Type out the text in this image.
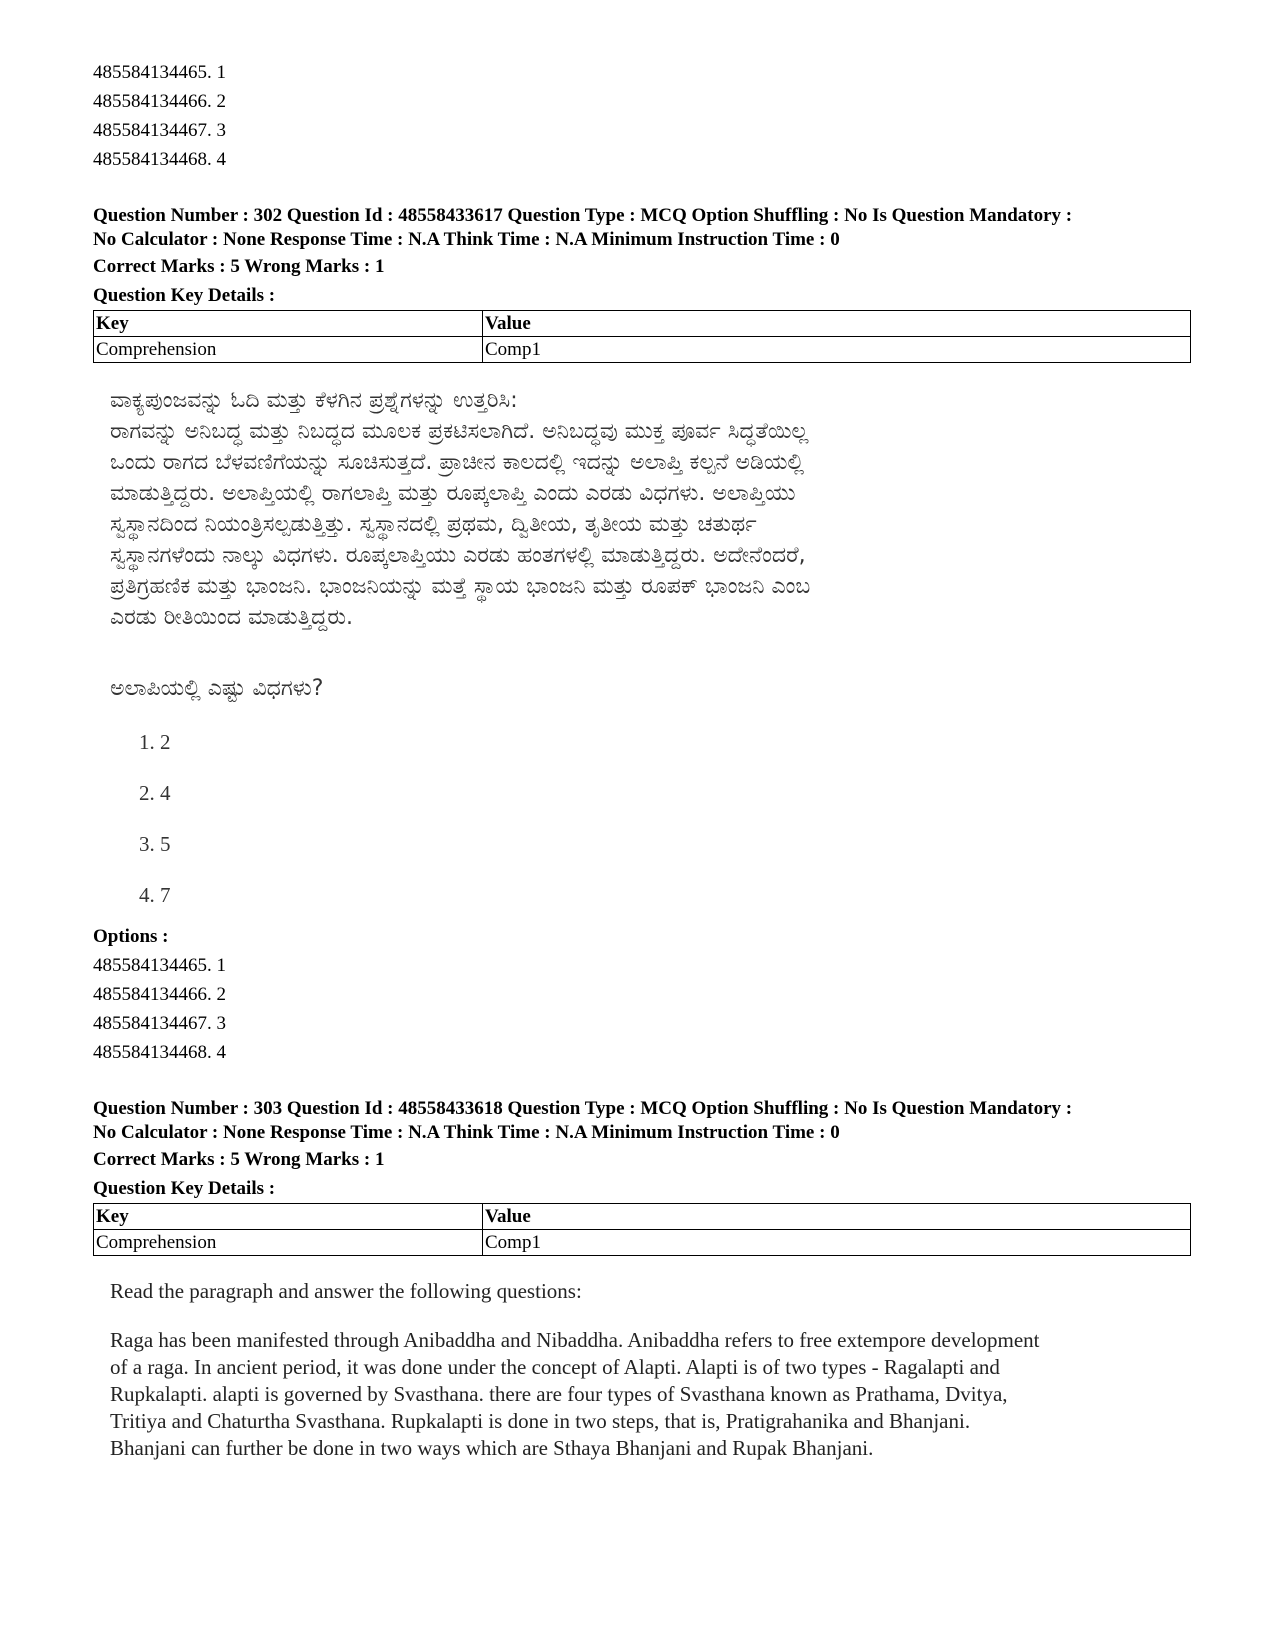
485584134465. 1
485584134466. 2
485584134467. 3
485584134468. 4
Question Number : 302 Question Id : 48558433617 Question Type : MCQ Option Shuffling : No Is Question Mandatory :
No Calculator : None Response Time : N.A Think Time : N.A Minimum Instruction Time : 0
Correct Marks : 5 Wrong Marks : 1
Question Key Details :
Key	Value
Comprehension	Comp1
ವಾಕ್ಯಪುಂಜವನ್ನು ಓದಿ ಮತ್ತು ಕೆಳಗಿನ ಪ್ರಶ್ನೆಗಳನ್ನು ಉತ್ತರಿಸಿ:
ರಾಗವನ್ನು ಅನಿಬದ್ಧ ಮತ್ತು ನಿಬದ್ಧದ ಮೂಲಕ ಪ್ರಕಟಿಸಲಾಗಿದೆ. ಅನಿಬದ್ಧವು ಮುಕ್ತ ಪೂರ್ವ ಸಿದ್ಧತೆಯಿಲ್ಲ
ಒಂದು ರಾಗದ ಬೆಳವಣಿಗೆಯನ್ನು ಸೂಚಿಸುತ್ತದೆ. ಪ್ರಾಚೀನ ಕಾಲದಲ್ಲಿ ಇದನ್ನು ಅಲಾಪ್ತಿ ಕಲ್ಪನೆ ಅಡಿಯಲ್ಲಿ
ಮಾಡುತ್ತಿದ್ದರು. ಅಲಾಪ್ತಿಯಲ್ಲಿ ರಾಗಲಾಪ್ತಿ ಮತ್ತು ರೂಪ್ಕಲಾಪ್ತಿ ಎಂದು ಎರಡು ವಿಧಗಳು. ಅಲಾಪ್ತಿಯು
ಸ್ವಸ್ಥಾನದಿಂದ ನಿಯಂತ್ರಿಸಲ್ಪಡುತ್ತಿತ್ತು. ಸ್ವಸ್ಥಾನದಲ್ಲಿ ಪ್ರಥಮ, ದ್ವಿತೀಯ, ತೃತೀಯ ಮತ್ತು ಚತುರ್ಥ
ಸ್ವಸ್ಥಾನಗಳೆಂದು ನಾಲ್ಕು ವಿಧಗಳು. ರೂಪ್ಕಲಾಪ್ತಿಯು ಎರಡು ಹಂತಗಳಲ್ಲಿ ಮಾಡುತ್ತಿದ್ದರು. ಅದೇನೆಂದರೆ,
ಪ್ರತಿಗ್ರಹಣಿಕ ಮತ್ತು ಭಾಂಜನಿ. ಭಾಂಜನಿಯನ್ನು ಮತ್ತೆ ಸ್ಥಾಯ ಭಾಂಜನಿ ಮತ್ತು ರೂಪಕ್ ಭಾಂಜನಿ ಎಂಬ
ಎರಡು ರೀತಿಯಿಂದ ಮಾಡುತ್ತಿದ್ದರು.
ಅಲಾಪಿಯಲ್ಲಿ ಎಷ್ಟು ವಿಧಗಳು?
1. 2
2. 4
3. 5
4. 7
Options :
485584134465. 1
485584134466. 2
485584134467. 3
485584134468. 4
Question Number : 303 Question Id : 48558433618 Question Type : MCQ Option Shuffling : No Is Question Mandatory :
No Calculator : None Response Time : N.A Think Time : N.A Minimum Instruction Time : 0
Correct Marks : 5 Wrong Marks : 1
Question Key Details :
Key	Value
Comprehension	Comp1
Read the paragraph and answer the following questions:
Raga has been manifested through Anibaddha and Nibaddha. Anibaddha refers to free extempore development
of a raga. In ancient period, it was done under the concept of Alapti. Alapti is of two types - Ragalapti and
Rupkalapti. alapti is governed by Svasthana. there are four types of Svasthana known as Prathama, Dvitya,
Tritiya and Chaturtha Svasthana. Rupkalapti is done in two steps, that is, Pratigrahanika and Bhanjani.
Bhanjani can further be done in two ways which are Sthaya Bhanjani and Rupak Bhanjani.
